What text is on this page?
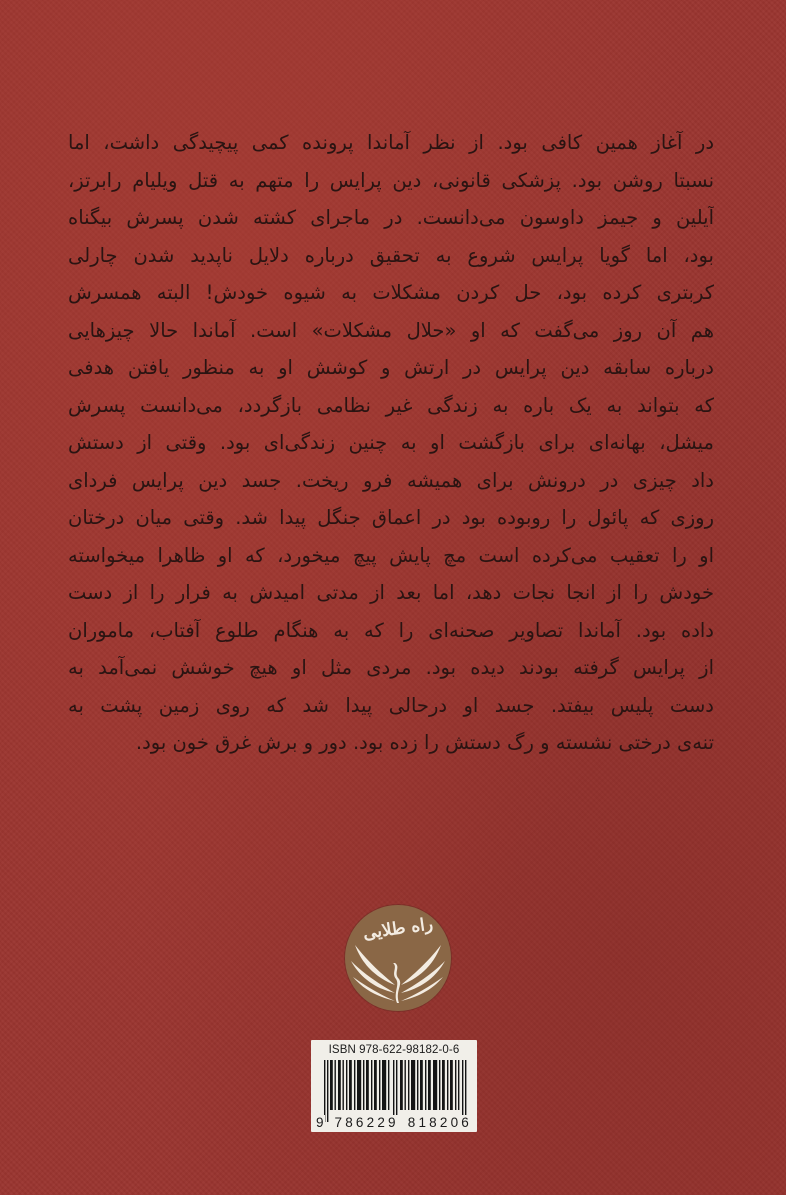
در آغاز همین کافی بود. از نظر آماندا پرونده کمی پیچیدگی داشت، اما
نسبتا روشن بود. پزشکی قانونی، دین پرایس را متهم به قتل ویلیام رابرتز،
آیلین و جیمز داوسون می‌دانست. در ماجرای کشته شدن پسرش بیگناه
بود، اما گویا پرایس شروع به تحقیق درباره دلایل ناپدید شدن چارلی
کربتری کرده بود، حل کردن مشکلات به شیوه خودش! البته همسرش
هم آن روز می‌گفت که او «حلال مشکلات» است. آماندا حالا چیزهایی
درباره سابقه دین پرایس در ارتش و کوشش او به منظور یافتن هدفی
که بتواند به یک باره به زندگی غیر نظامی بازگردد، می‌دانست پسرش
میشل، بهانه‌ای برای بازگشت او به چنین زندگی‌ای بود. وقتی از دستش
داد چیزی در درونش برای همیشه فرو ریخت. جسد دین پرایس فردای
روزی که پائول را روبوده بود در اعماق جنگل پیدا شد. وقتی میان درختان
او را تعقیب می‌کرده است مچ پایش پیچ میخورد، که او ظاهرا میخواسته
خودش را از انجا نجات دهد، اما بعد از مدتی امیدش به فرار را از دست
داده بود. آماندا تصاویر صحنه‌ای را که به هنگام طلوع آفتاب، ماموران
از پرایس گرفته بودند دیده بود. مردی مثل او هیچ خوشش نمی‌آمد به
دست پلیس بیفتد. جسد او درحالی پیدا شد که روی زمین پشت به
تنه‌ی درختی نشسته و رگ دستش را زده بود. دور و برش غرق خون بود.
راه طلایی
ISBN 978-622-98182-0-6
9 786229 818206
